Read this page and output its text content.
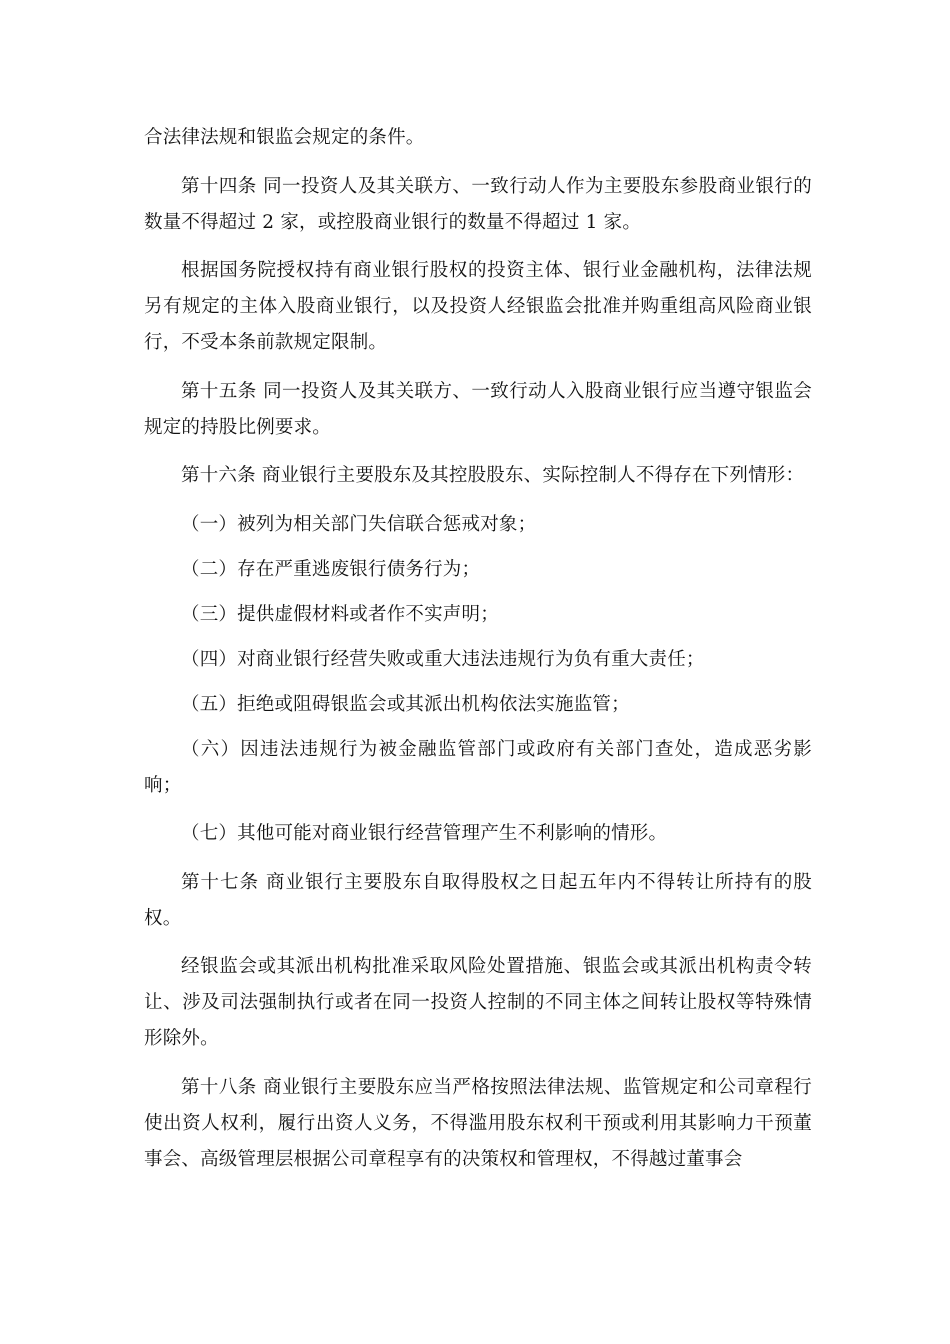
合法律法规和银监会规定的条件。

第十四条 同一投资人及其关联方、一致行动人作为主要股东参股商业银行的数量不得超过 2 家，或控股商业银行的数量不得超过 1 家。

根据国务院授权持有商业银行股权的投资主体、银行业金融机构，法律法规另有规定的主体入股商业银行，以及投资人经银监会批准并购重组高风险商业银行，不受本条前款规定限制。

第十五条 同一投资人及其关联方、一致行动人入股商业银行应当遵守银监会规定的持股比例要求。

第十六条 商业银行主要股东及其控股股东、实际控制人不得存在下列情形：

（一）被列为相关部门失信联合惩戒对象；

（二）存在严重逃废银行债务行为；

（三）提供虚假材料或者作不实声明；

（四）对商业银行经营失败或重大违法违规行为负有重大责任；

（五）拒绝或阻碍银监会或其派出机构依法实施监管；

（六）因违法违规行为被金融监管部门或政府有关部门查处，造成恶劣影响；

（七）其他可能对商业银行经营管理产生不利影响的情形。

第十七条 商业银行主要股东自取得股权之日起五年内不得转让所持有的股权。

经银监会或其派出机构批准采取风险处置措施、银监会或其派出机构责令转让、涉及司法强制执行或者在同一投资人控制的不同主体之间转让股权等特殊情形除外。

第十八条 商业银行主要股东应当严格按照法律法规、监管规定和公司章程行使出资人权利，履行出资人义务，不得滥用股东权利干预或利用其影响力干预董事会、高级管理层根据公司章程享有的决策权和管理权，不得越过董事会
